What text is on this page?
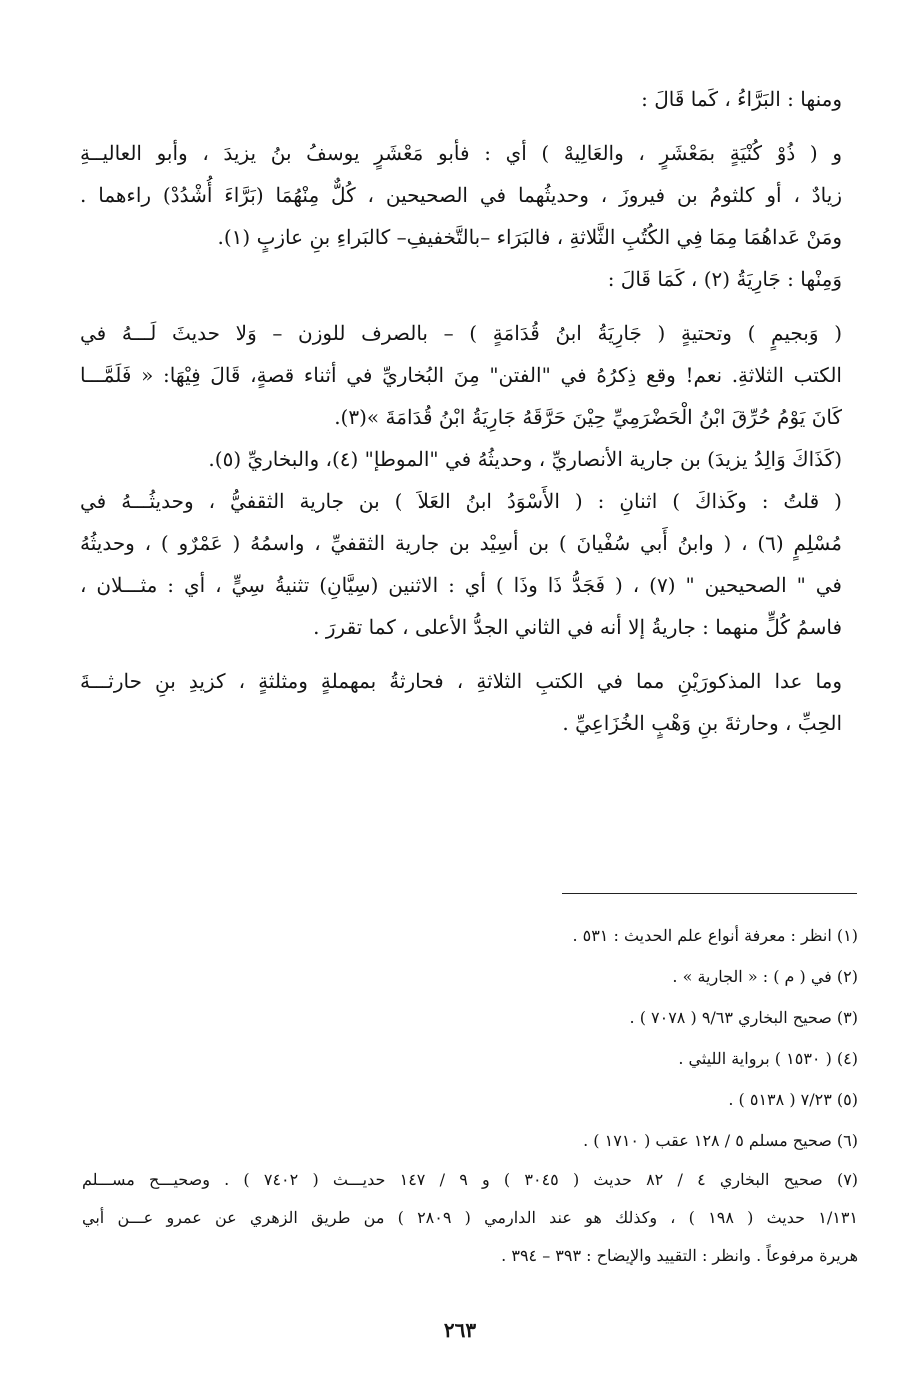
ومنها : البَرَّاءُ ، كَما قَالَ :
و ( ذُوْ كُنْيَةٍ بمَعْشَرٍ ، والعَالِيهْ ) أي : فأبو مَعْشَرٍ يوسفُ بنُ يزيدَ ، وأبو العاليــةِ
زيادٌ ، أو كلثومُ بن فيروزَ ، وحديثُهما في الصحيحين ، كُلٌّ مِنْهُمَا (بَرَّاءَ أُشْدُدْ) راءهما .
ومَنْ عَداهُمَا مِمَا فِي الكُتُبِ الثَّلاثةِ ، فالبَرَاء –بالتَّخفيفِ– كالبَراءِ بنِ عازبٍ (١).
وَمِنْها : جَارِيَةُ (٢) ، كَمَا قَالَ :
( وَبجيمٍ ) وتحتيةٍ ( جَارِيَةُ ابنُ قُدَامَةٍ ) – بالصرف للوزن – وَلا حديثَ لَـــهُ في
الكتب الثلاثةِ. نعم! وقع ذِكرُهُ في "الفتن" مِنَ البُخاريِّ في أثناء قصةٍ، قَالَ فِيْهَا: « فَلَمَّـــا
كَانَ يَوْمُ حُرِّقَ ابْنُ الْحَضْرَمِيِّ حِيْنَ حَرَّقَهُ جَارِيَةُ ابْنُ قُدَامَةَ »(٣).
(كَذَاكَ وَالِدُ يزيدَ) بن جارية الأنصاريِّ ، وحديثُهُ في "الموطإ" (٤)، والبخاريِّ (٥).
( قلتُ : وكَذاكَ ) اثنانِ : ( الأَسْوَدُ ابنُ العَلاَ ) بن جارية الثقفيُّ ، وحديثُـــهُ في
مُسْلِمٍ (٦) ، ( وابنُ أَبي سُفْيانَ ) بن أسِيْد بن جارية الثقفيِّ ، واسمُهُ ( عَمْرٌو ) ، وحديثُهُ
في " الصحيحين " (٧) ، ( فَجَدُّ ذَا وذَا ) أي : الاثنين (سِيَّانِ) تثنيةُ سِيٍّ ، أي : مثـــلان ،
فاسمُ كُلٍّ منهما : جاريةُ إلا أنه في الثاني الجدُّ الأعلى ، كما تقررَ .
وما عدا المذكورَيْنِ مما في الكتبِ الثلاثةِ ، فحارثةُ بمهملةٍ ومثلثةٍ ، كزيدِ بنِ حارثـــةَ
الحِبِّ ، وحارثةَ بنِ وَهْبٍ الخُزَاعِيِّ .
(١) انظر : معرفة أنواع علم الحديث : ٥٣١ .
(٢) في ( م ) : « الجارية » .
(٣) صحيح البخاري ٩/٦٣ ( ٧٠٧٨ ) .
(٤) ( ١٥٣٠ ) برواية الليثي .
(٥) ٧/٢٣ ( ٥١٣٨ ) .
(٦) صحيح مسلم ٥ / ١٢٨ عقب ( ١٧١٠ ) .
(٧) صحيح البخاري ٤ / ٨٢ حديث ( ٣٠٤٥ ) و ٩ / ١٤٧ حديـــث ( ٧٤٠٢ ) . وصحيـــح مســـلم
١/١٣١ حديث ( ١٩٨ ) ، وكذلك هو عند الدارمي ( ٢٨٠٩ ) من طريق الزهري عن عمرو عـــن أبي
هريرة مرفوعاً . وانظر : التقييد والإيضاح : ٣٩٣ – ٣٩٤ .
٢٦٣
